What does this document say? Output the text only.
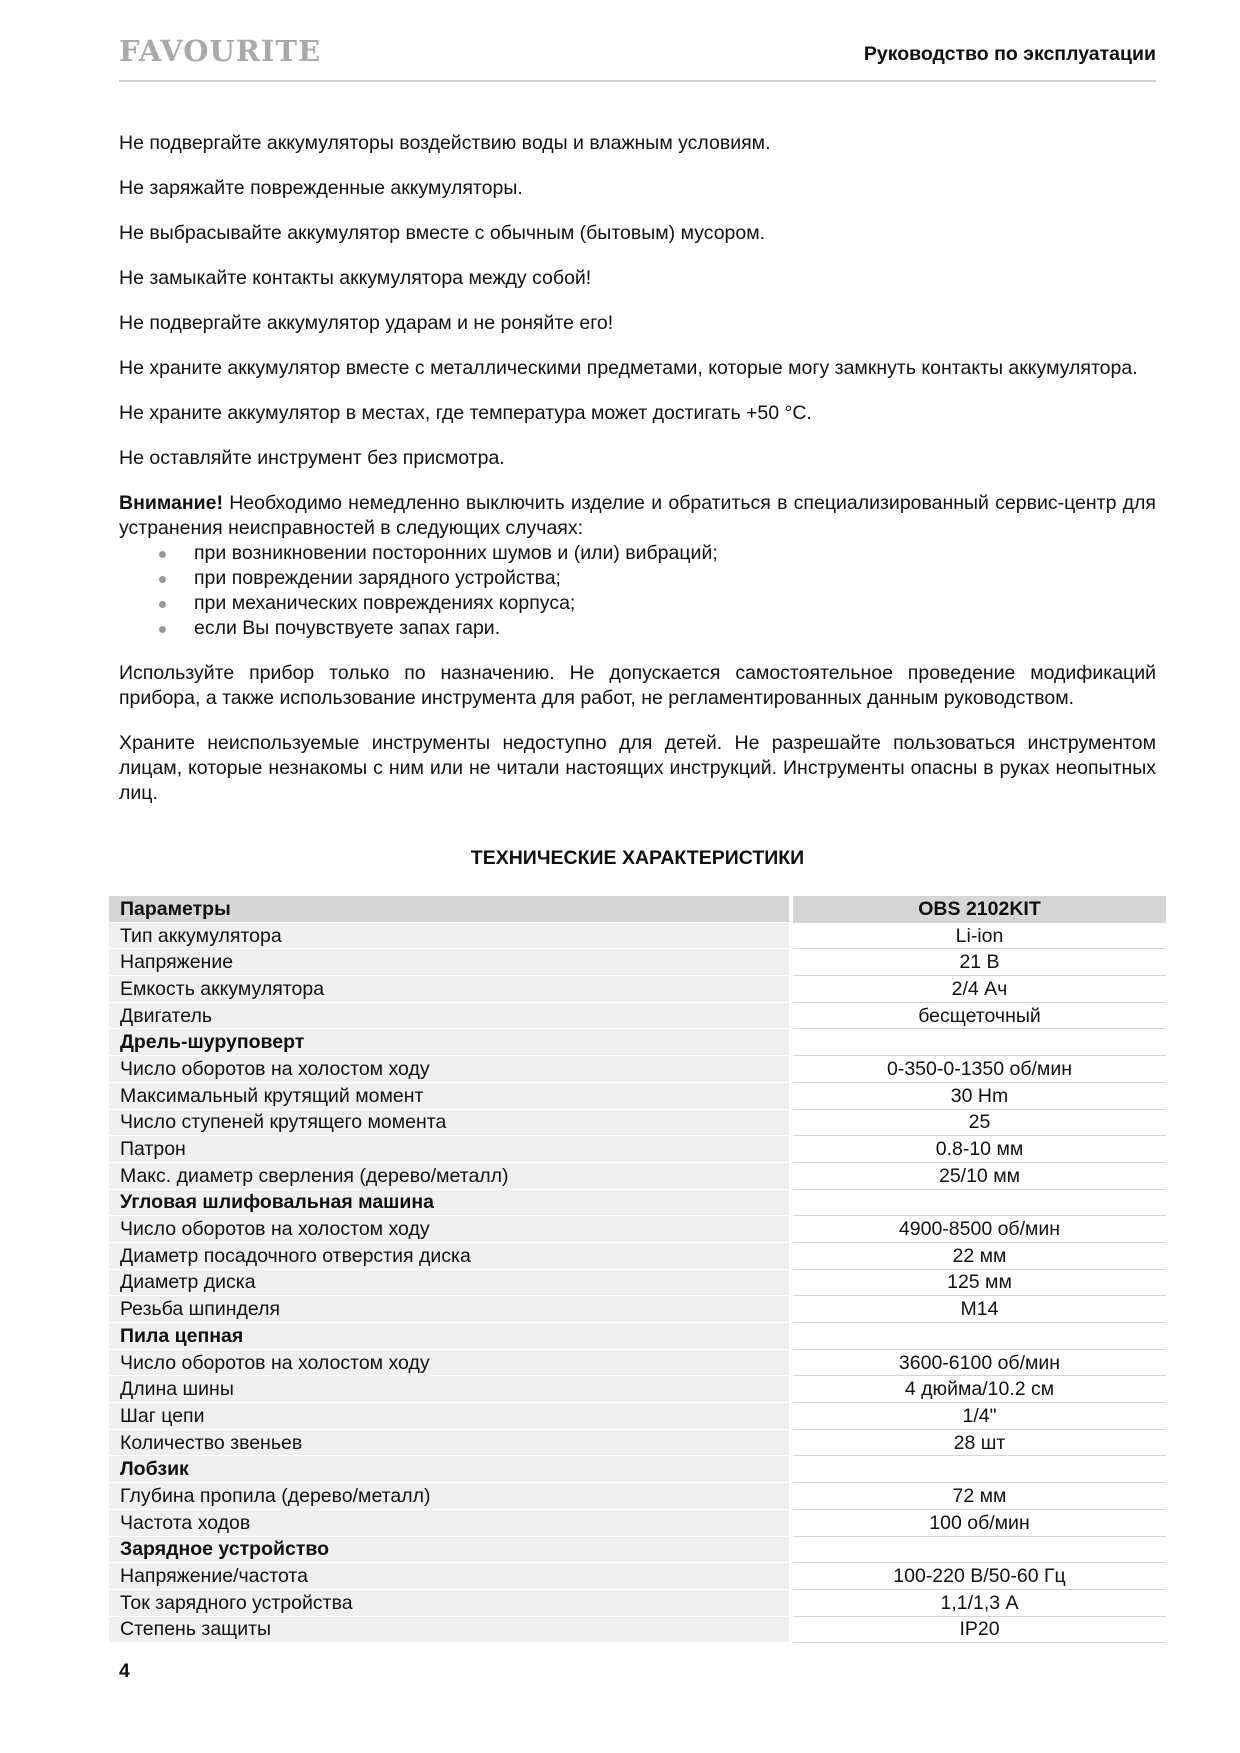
FAVOURITE	Руководство по эксплуатации

Не подвергайте аккумуляторы воздействию воды и влажным условиям.

Не заряжайте поврежденные аккумуляторы.

Не выбрасывайте аккумулятор вместе с обычным (бытовым) мусором.

Не замыкайте контакты аккумулятора между собой!

Не подвергайте аккумулятор ударам и не роняйте его!

Не храните аккумулятор вместе с металлическими предметами, которые могу замкнуть контакты аккумулятора.

Не храните аккумулятор в местах, где температура может достигать +50 °C.

Не оставляйте инструмент без присмотра.

Внимание! Необходимо немедленно выключить изделие и обратиться в специализированный сервис-центр для устранения неисправностей в следующих случаях:

при возникновении посторонних шумов и (или) вибраций;
при повреждении зарядного устройства;
при механических повреждениях корпуса;
если Вы почувствуете запах гари.

Используйте прибор только по назначению. Не допускается самостоятельное проведение модификаций прибора, а также использование инструмента для работ, не регламентированных данным руководством.

Храните неиспользуемые инструменты недоступно для детей. Не разрешайте пользоваться инструментом лицам, которые незнакомы с ним или не читали настоящих инструкций. Инструменты опасны в руках неопытных лиц.

ТЕХНИЧЕСКИЕ ХАРАКТЕРИСТИКИ
Параметры		OBS 2102KIT
Тип аккумулятора		Li-ion
Напряжение		21 В
Емкость аккумулятора		2/4 Ач
Двигатель		бесщеточный
Дрель-шуруповерт		
Число оборотов на холостом ходу		0-350-0-1350 об/мин
Максимальный крутящий момент		30 Hm
Число ступеней крутящего момента		25
Патрон		0.8-10 мм
Макс. диаметр сверления (дерево/металл)		25/10 мм
Угловая шлифовальная машина		
Число оборотов на холостом ходу		4900-8500 об/мин
Диаметр посадочного отверстия диска		22 мм
Диаметр диска		125 мм
Резьба шпинделя		M14
Пила цепная		
Число оборотов на холостом ходу		3600-6100 об/мин
Длина шины		4 дюйма/10.2 см
Шаг цепи		1/4"
Количество звеньев		28 шт
Лобзик		
Глубина пропила (дерево/металл)		72 мм
Частота ходов		100 об/мин
Зарядное устройство		
Напряжение/частота		100-220 В/50-60 Гц
Ток зарядного устройства		1,1/1,3 А
Степень защиты		IP20
4
